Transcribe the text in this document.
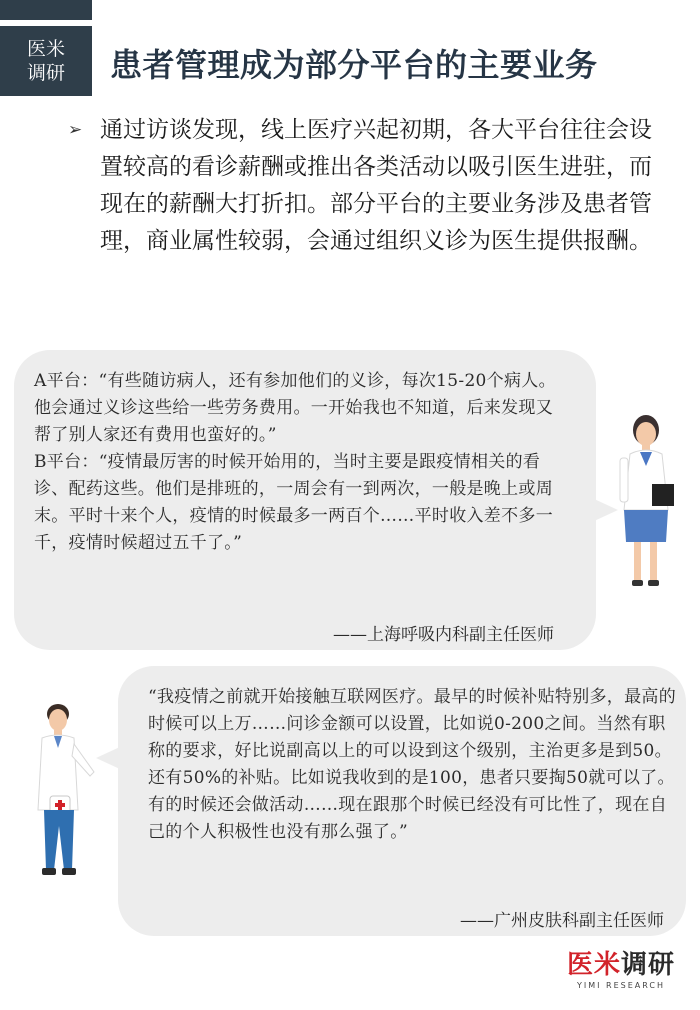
医米
调研 患者管理成为部分平台的主要业务
➢ 通过访谈发现，线上医疗兴起初期，各大平台往往会设置较高的看诊薪酬或推出各类活动以吸引医生进驻，而现在的薪酬大打折扣。部分平台的主要业务涉及患者管理，商业属性较弱，会通过组织义诊为医生提供报酬。
A平台：“有些随访病人，还有参加他们的义诊，每次15-20个病人。他会通过义诊这些给一些劳务费用。一开始我也不知道，后来发现又帮了别人家还有费用也蛮好的。”
B平台：“疫情最厉害的时候开始用的，当时主要是跟疫情相关的看诊、配药这些。他们是排班的，一周会有一到两次，一般是晚上或周末。平时十来个人，疫情的时候最多一两百个……平时收入差不多一千，疫情时候超过五千了。”
——上海呼吸内科副主任医师
“我疫情之前就开始接触互联网医疗。最早的时候补贴特别多，最高的时候可以上万……问诊金额可以设置，比如说0-200之间。当然有职称的要求，好比说副高以上的可以设到这个级别，主治更多是到50。还有50%的补贴。比如说我收到的是100，患者只要掏50就可以了。有的时候还会做活动……现在跟那个时候已经没有可比性了，现在自己的个人积极性也没有那么强了。”
——广州皮肤科副主任医师
医米调研
YIMI RESEARCH
